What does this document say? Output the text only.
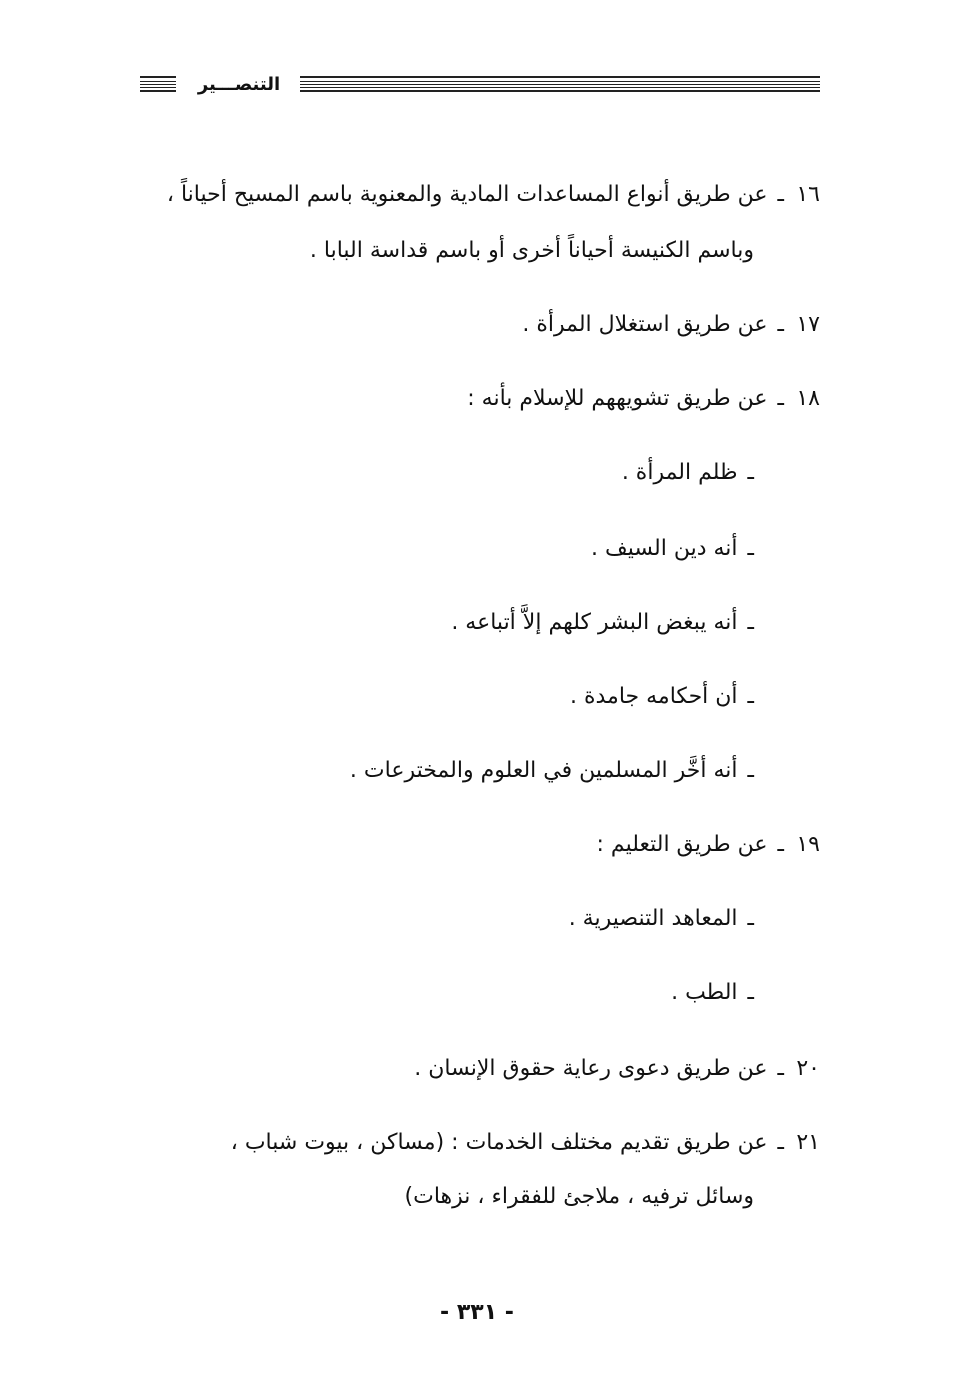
التنصـــير
١٦ـعن طريق أنواع المساعدات المادية والمعنوية باسم المسيح أحياناً ،
وباسم الكنيسة أحياناً أخرى أو باسم قداسة البابا .
١٧ـعن طريق استغلال المرأة .
١٨ـعن طريق تشويههم للإسلام بأنه :
ـظلم المرأة .
ـأنه دين السيف .
ـأنه يبغض البشر كلهم إلاَّ أتباعه .
ـأن أحكامه جامدة .
ـأنه أخَّر المسلمين في العلوم والمخترعات .
١٩ـعن طريق التعليم :
ـالمعاهد التنصيرية .
ـالطب .
٢٠ـعن طريق دعوى رعاية حقوق الإنسان .
٢١ـعن طريق تقديم مختلف الخدمات : (مساكن ، بيوت شباب ،
وسائل ترفيه ، ملاجئ للفقراء ، نزهات)
- ٣٣١ -
